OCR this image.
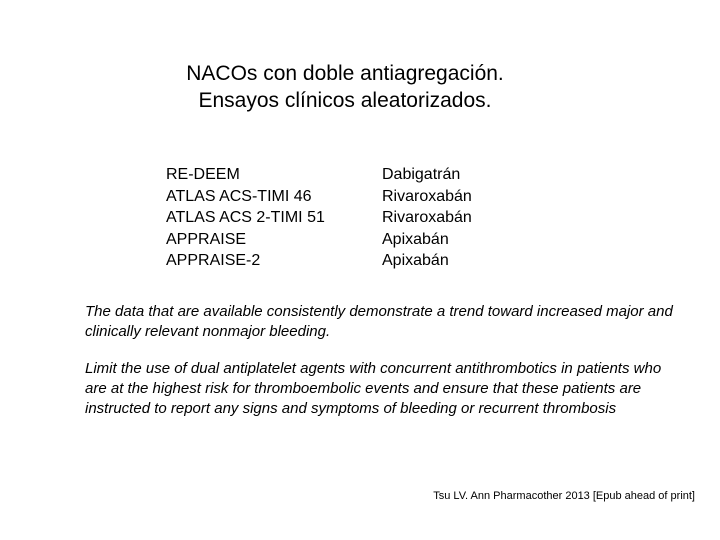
NACOs con doble antiagregación.
Ensayos clínicos aleatorizados.
RE-DEEM	Dabigatrán
ATLAS ACS-TIMI 46	Rivaroxabán
ATLAS ACS 2-TIMI 51	Rivaroxabán
APPRAISE	Apixabán
APPRAISE-2	Apixabán
The data that are available consistently demonstrate a trend toward increased major and clinically relevant nonmajor bleeding.
Limit the use of dual antiplatelet agents with concurrent antithrombotics in patients who are at the highest risk for thromboembolic events and ensure that these patients are instructed to report any signs and symptoms of bleeding or recurrent thrombosis
Tsu LV. Ann Pharmacother 2013 [Epub ahead of print]
